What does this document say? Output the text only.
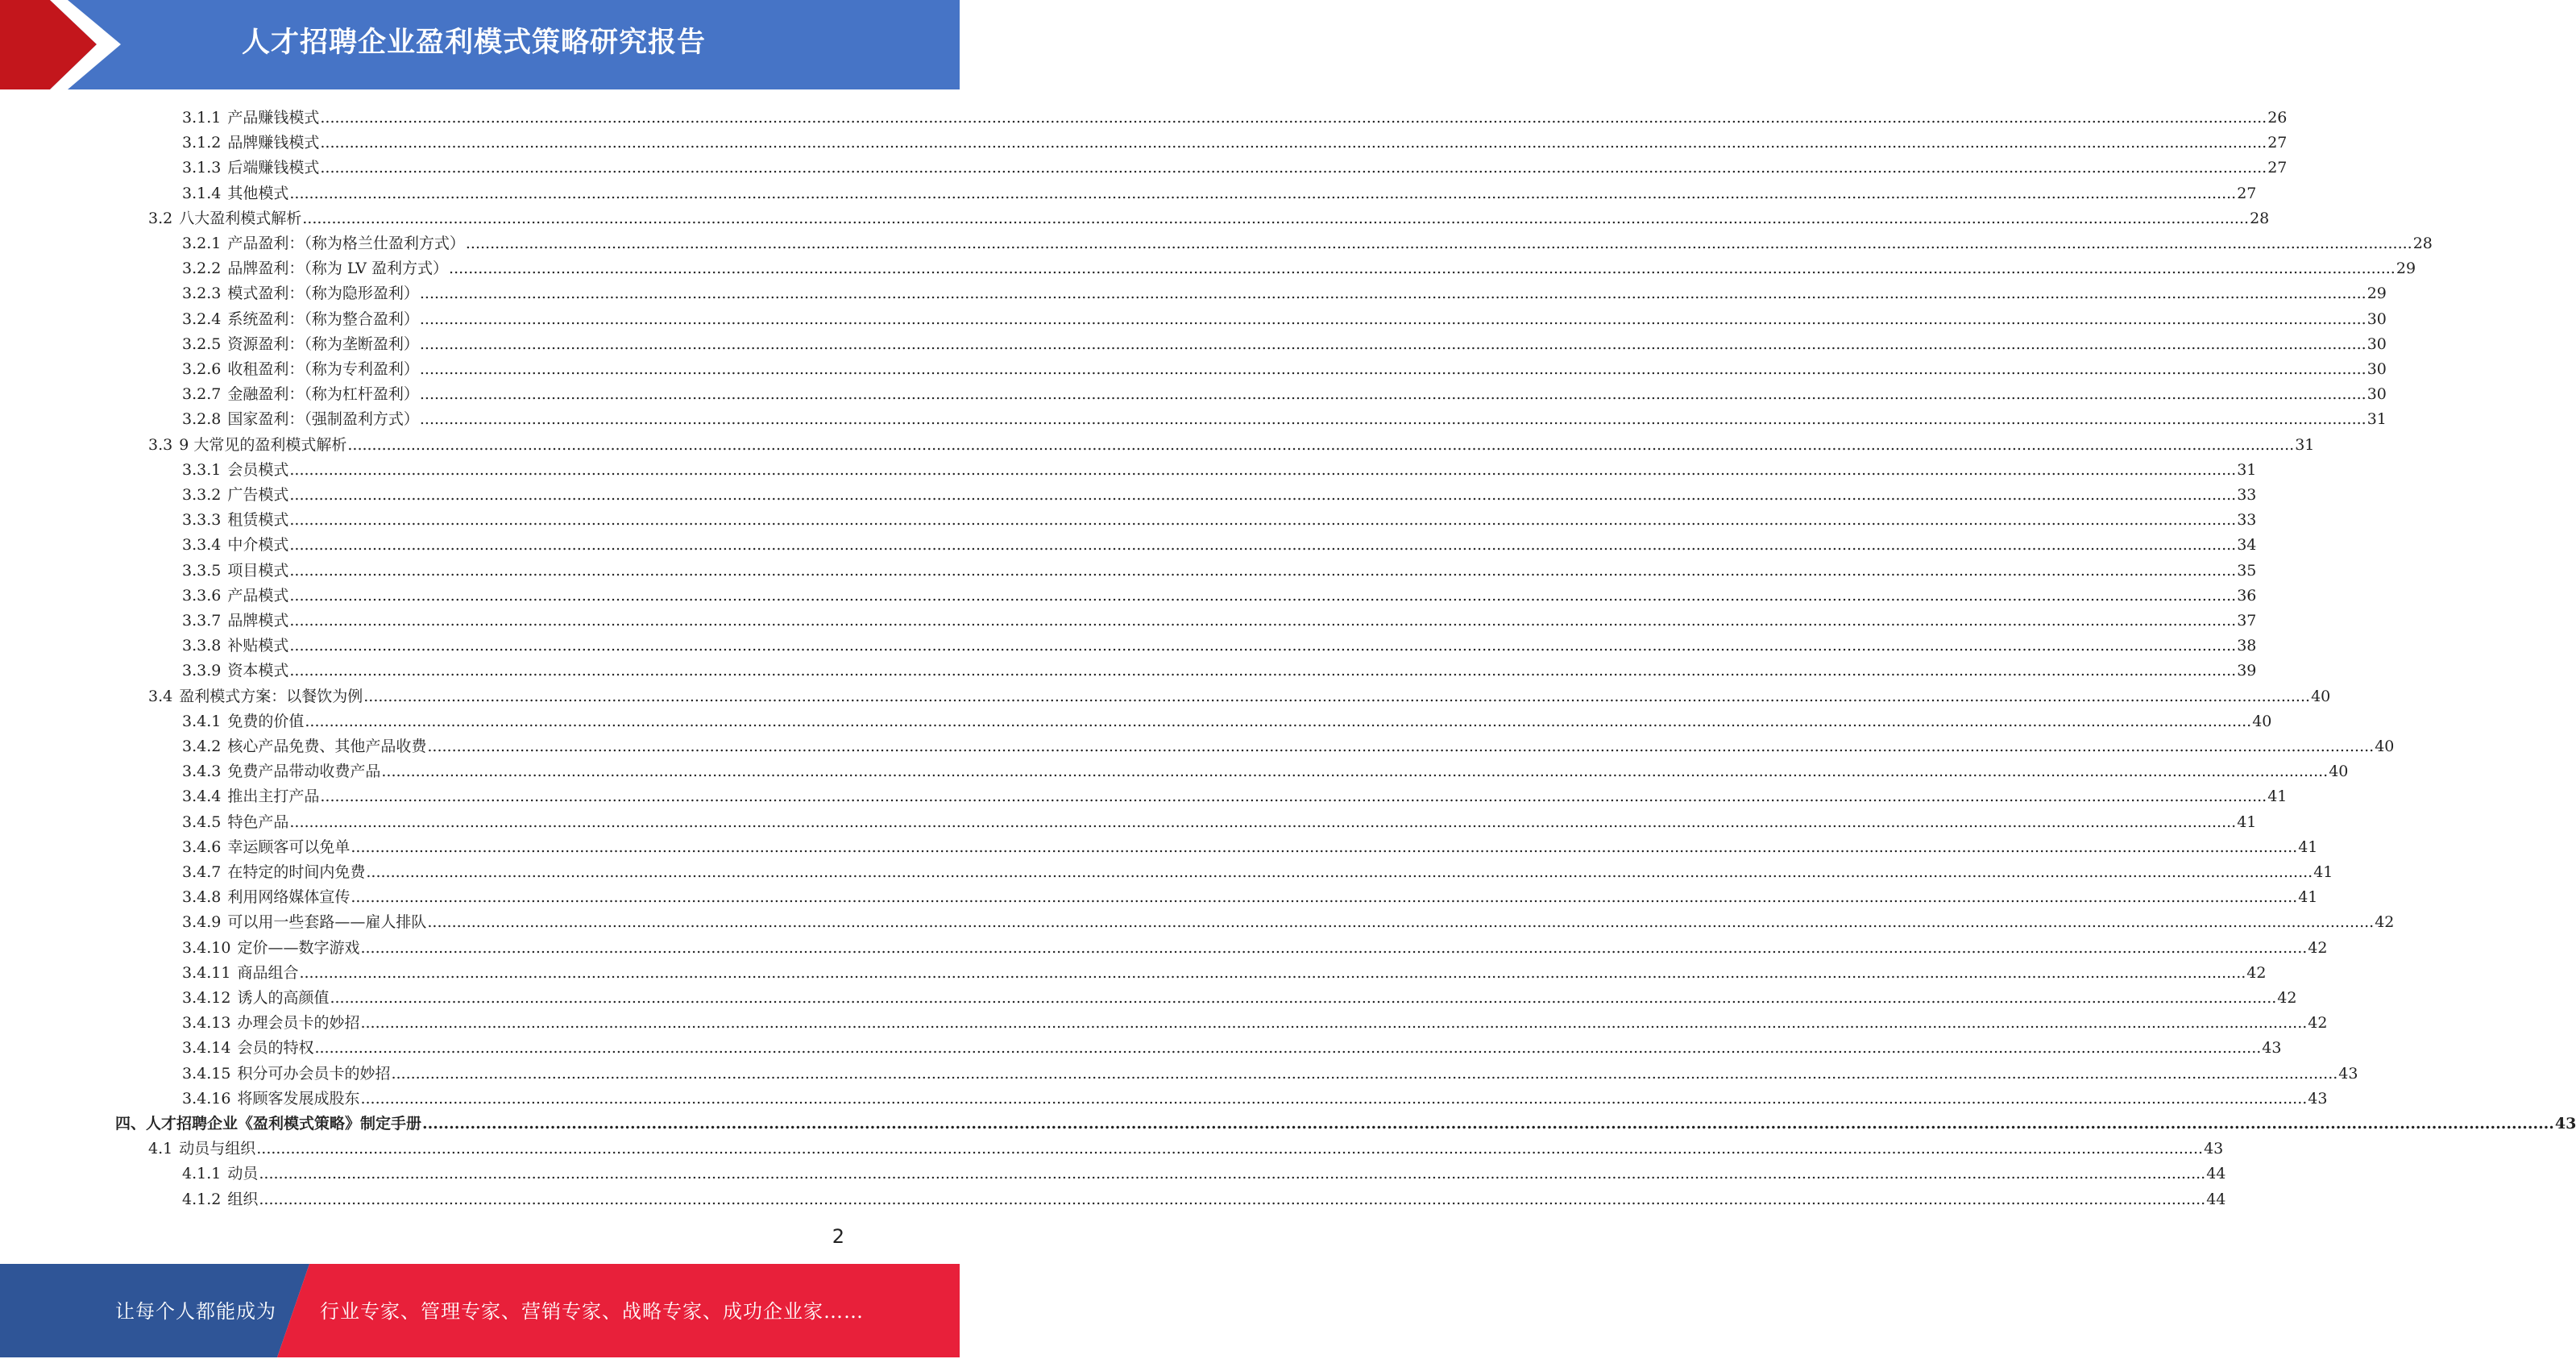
人才招聘企业盈利模式策略研究报告
3.1.1 产品赚钱模式 ................................................................................................................................................................................................................................................................................................................................................................................................................ 26
3.1.2 品牌赚钱模式 ................................................................................................................................................................................................................................................................................................................................................................................................................ 27
3.1.3 后端赚钱模式 ................................................................................................................................................................................................................................................................................................................................................................................................................ 27
3.1.4 其他模式 ................................................................................................................................................................................................................................................................................................................................................................................................................ 27
3.2 八大盈利模式解析 ................................................................................................................................................................................................................................................................................................................................................................................................................ 28
3.2.1 产品盈利：（称为格兰仕盈利方式） ................................................................................................................................................................................................................................................................................................................................................................................................................ 28
3.2.2 品牌盈利：（称为 LV 盈利方式） ................................................................................................................................................................................................................................................................................................................................................................................................................ 29
3.2.3 模式盈利：（称为隐形盈利） ................................................................................................................................................................................................................................................................................................................................................................................................................ 29
3.2.4 系统盈利：（称为整合盈利） ................................................................................................................................................................................................................................................................................................................................................................................................................ 30
3.2.5 资源盈利：（称为垄断盈利） ................................................................................................................................................................................................................................................................................................................................................................................................................ 30
3.2.6 收租盈利：（称为专利盈利） ................................................................................................................................................................................................................................................................................................................................................................................................................ 30
3.2.7 金融盈利：（称为杠杆盈利） ................................................................................................................................................................................................................................................................................................................................................................................................................ 30
3.2.8 国家盈利：（强制盈利方式） ................................................................................................................................................................................................................................................................................................................................................................................................................ 31
3.3 9 大常见的盈利模式解析 ................................................................................................................................................................................................................................................................................................................................................................................................................ 31
3.3.1 会员模式 ................................................................................................................................................................................................................................................................................................................................................................................................................ 31
3.3.2 广告模式 ................................................................................................................................................................................................................................................................................................................................................................................................................ 33
3.3.3 租赁模式 ................................................................................................................................................................................................................................................................................................................................................................................................................ 33
3.3.4 中介模式 ................................................................................................................................................................................................................................................................................................................................................................................................................ 34
3.3.5 项目模式 ................................................................................................................................................................................................................................................................................................................................................................................................................ 35
3.3.6 产品模式 ................................................................................................................................................................................................................................................................................................................................................................................................................ 36
3.3.7 品牌模式 ................................................................................................................................................................................................................................................................................................................................................................................................................ 37
3.3.8 补贴模式 ................................................................................................................................................................................................................................................................................................................................................................................................................ 38
3.3.9 资本模式 ................................................................................................................................................................................................................................................................................................................................................................................................................ 39
3.4 盈利模式方案：以餐饮为例 ................................................................................................................................................................................................................................................................................................................................................................................................................ 40
3.4.1 免费的价值 ................................................................................................................................................................................................................................................................................................................................................................................................................ 40
3.4.2 核心产品免费、其他产品收费 ................................................................................................................................................................................................................................................................................................................................................................................................................ 40
3.4.3 免费产品带动收费产品 ................................................................................................................................................................................................................................................................................................................................................................................................................ 40
3.4.4 推出主打产品 ................................................................................................................................................................................................................................................................................................................................................................................................................ 41
3.4.5 特色产品 ................................................................................................................................................................................................................................................................................................................................................................................................................ 41
3.4.6 幸运顾客可以免单 ................................................................................................................................................................................................................................................................................................................................................................................................................ 41
3.4.7 在特定的时间内免费 ................................................................................................................................................................................................................................................................................................................................................................................................................ 41
3.4.8 利用网络媒体宣传 ................................................................................................................................................................................................................................................................................................................................................................................................................ 41
3.4.9 可以用一些套路——雇人排队 ................................................................................................................................................................................................................................................................................................................................................................................................................ 42
3.4.10 定价——数字游戏 ................................................................................................................................................................................................................................................................................................................................................................................................................ 42
3.4.11 商品组合 ................................................................................................................................................................................................................................................................................................................................................................................................................ 42
3.4.12 诱人的高颜值 ................................................................................................................................................................................................................................................................................................................................................................................................................ 42
3.4.13 办理会员卡的妙招 ................................................................................................................................................................................................................................................................................................................................................................................................................ 42
3.4.14 会员的特权 ................................................................................................................................................................................................................................................................................................................................................................................................................ 43
3.4.15 积分可办会员卡的妙招 ................................................................................................................................................................................................................................................................................................................................................................................................................ 43
3.4.16 将顾客发展成股东 ................................................................................................................................................................................................................................................................................................................................................................................................................ 43
四、人才招聘企业《盈利模式策略》制定手册 ................................................................................................................................................................................................................................................................................................................................................................................................................ 43
4.1 动员与组织 ................................................................................................................................................................................................................................................................................................................................................................................................................ 43
4.1.1 动员 ................................................................................................................................................................................................................................................................................................................................................................................................................ 44
4.1.2 组织 ................................................................................................................................................................................................................................................................................................................................................................................................................ 44
2
让每个人都能成为 行业专家、管理专家、营销专家、战略专家、成功企业家……
